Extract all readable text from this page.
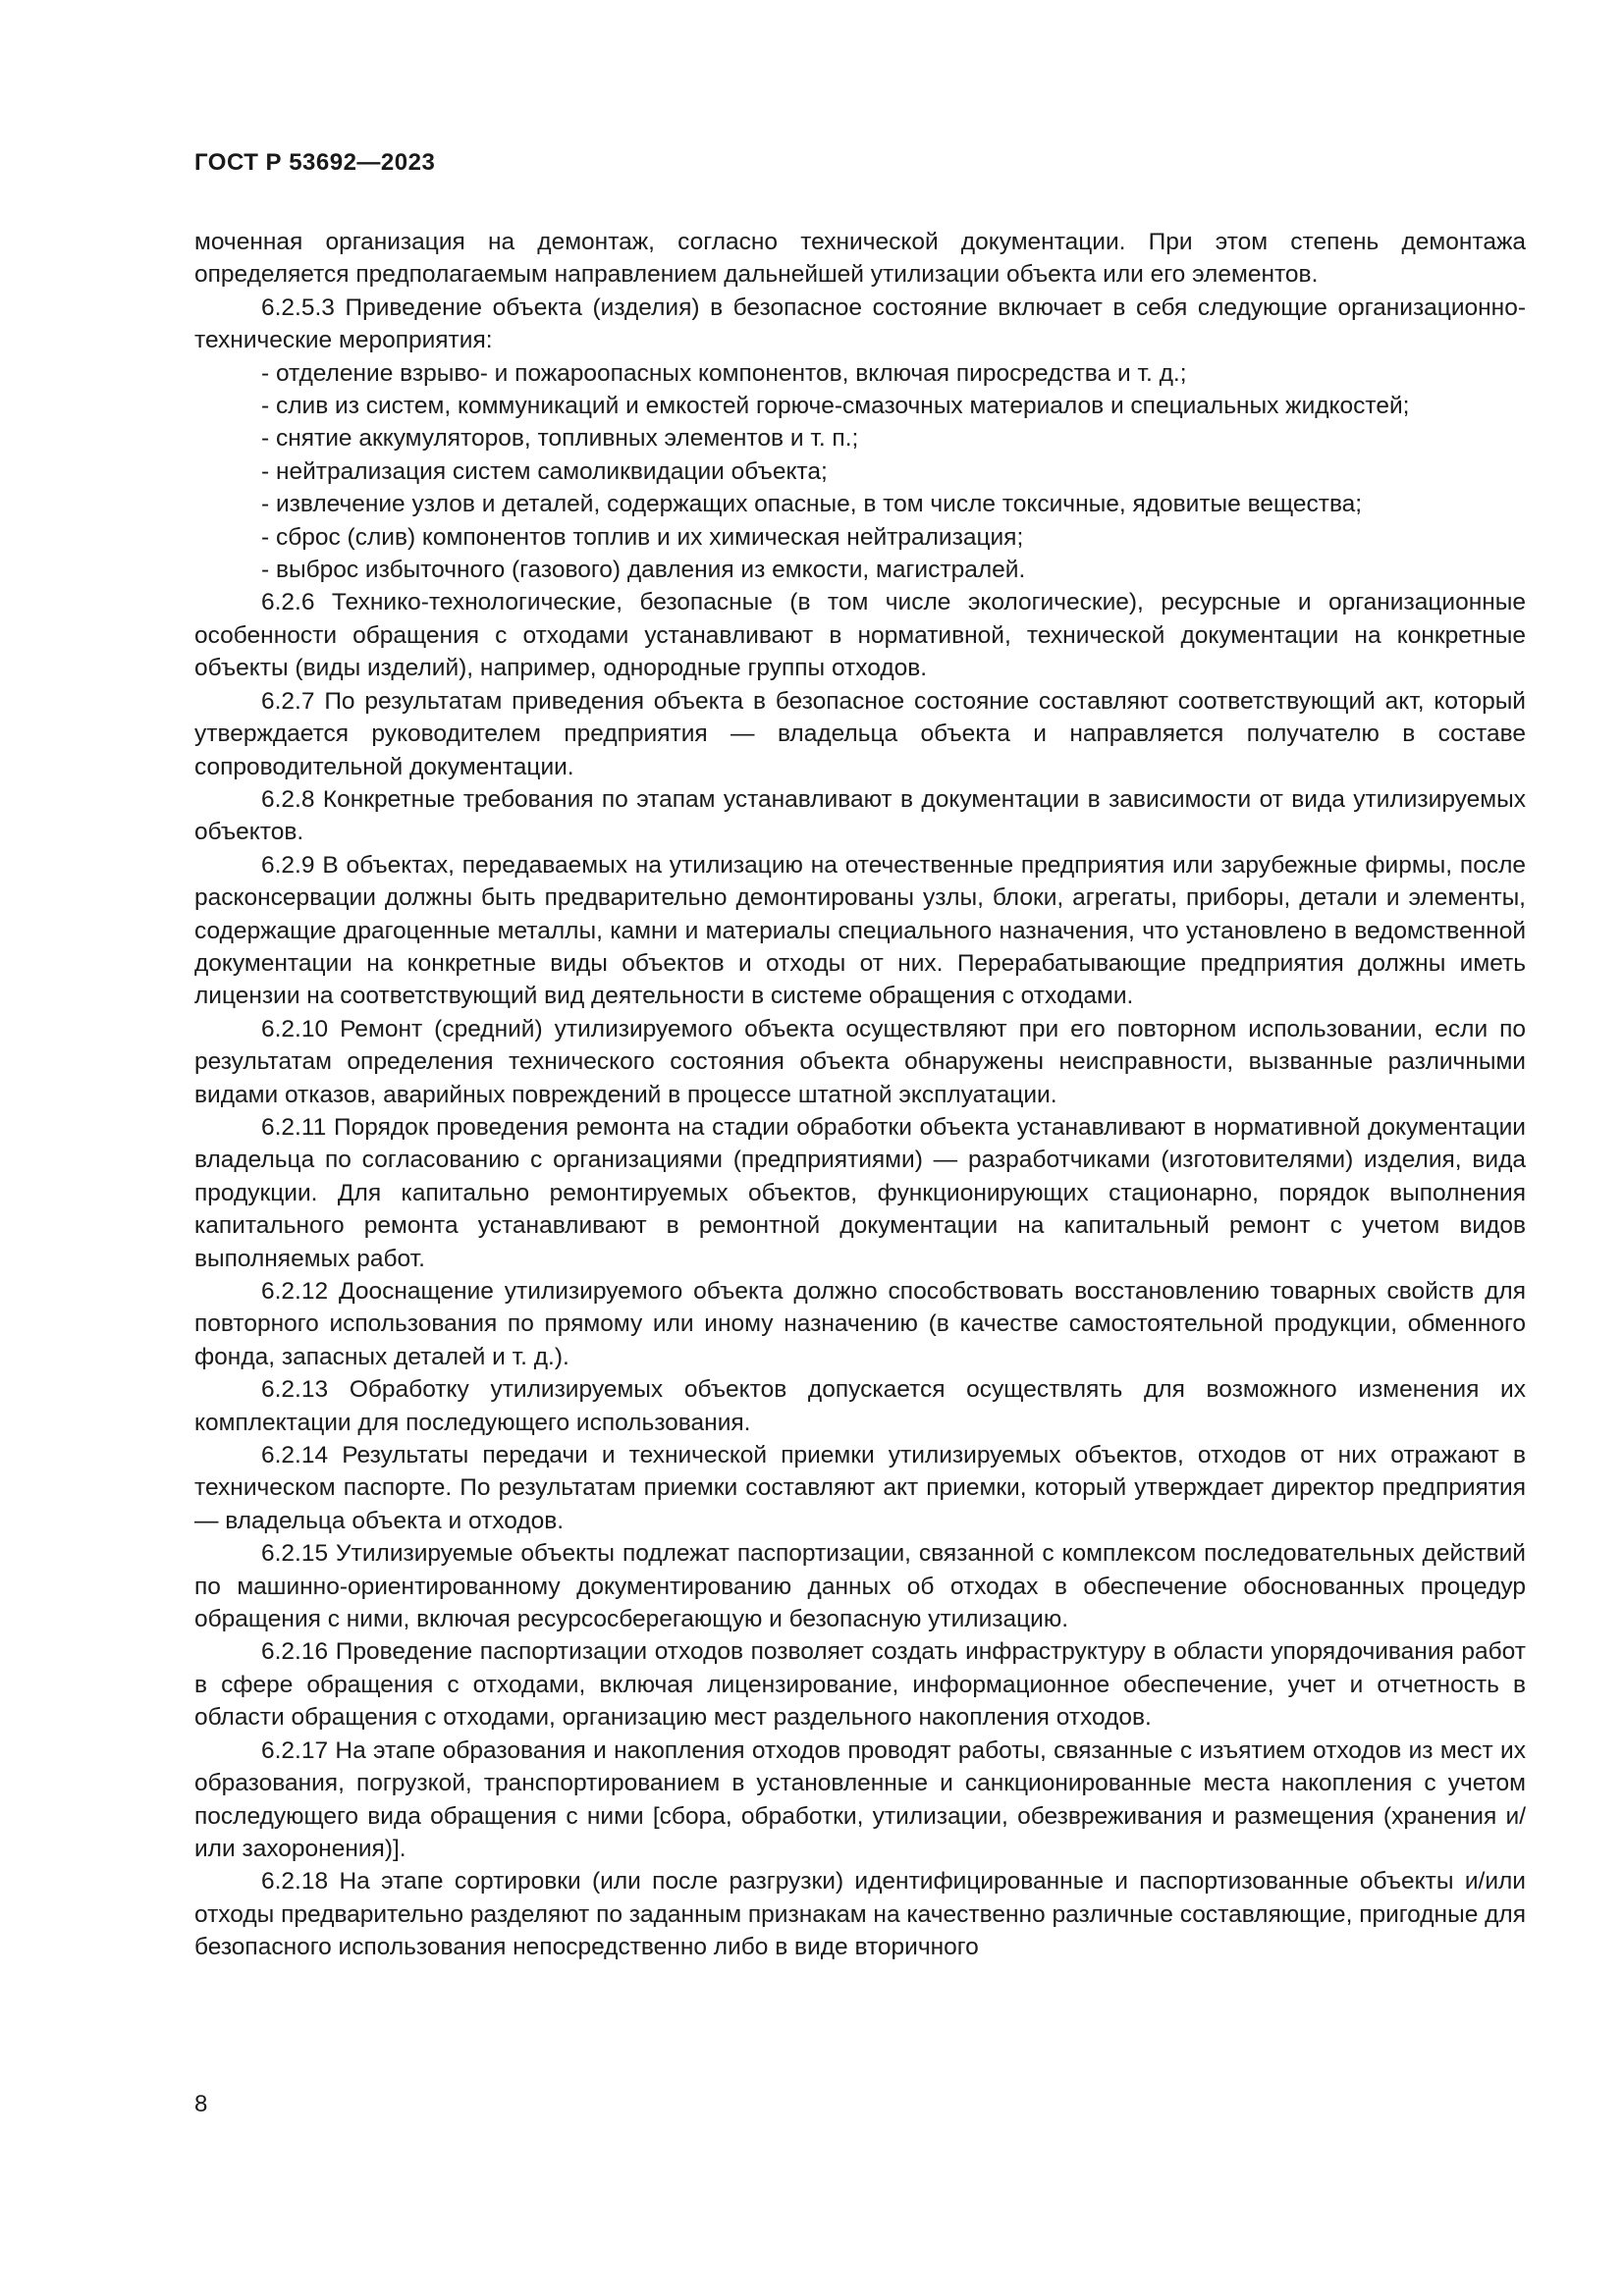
ГОСТ Р 53692—2023

моченная организация на демонтаж, согласно технической документации. При этом степень демонтажа определяется предполагаемым направлением дальнейшей утилизации объекта или его элементов.

6.2.5.3 Приведение объекта (изделия) в безопасное состояние включает в себя следующие организационно-технические мероприятия:

- отделение взрыво- и пожароопасных компонентов, включая пиросредства и т. д.;

- слив из систем, коммуникаций и емкостей горюче-смазочных материалов и специальных жидкостей;

- снятие аккумуляторов, топливных элементов и т. п.;

- нейтрализация систем самоликвидации объекта;

- извлечение узлов и деталей, содержащих опасные, в том числе токсичные, ядовитые вещества;

- сброс (слив) компонентов топлив и их химическая нейтрализация;

- выброс избыточного (газового) давления из емкости, магистралей.

6.2.6 Технико-технологические, безопасные (в том числе экологические), ресурсные и организационные особенности обращения с отходами устанавливают в нормативной, технической документации на конкретные объекты (виды изделий), например, однородные группы отходов.

6.2.7 По результатам приведения объекта в безопасное состояние составляют соответствующий акт, который утверждается руководителем предприятия — владельца объекта и направляется получателю в составе сопроводительной документации.

6.2.8 Конкретные требования по этапам устанавливают в документации в зависимости от вида утилизируемых объектов.

6.2.9 В объектах, передаваемых на утилизацию на отечественные предприятия или зарубежные фирмы, после расконсервации должны быть предварительно демонтированы узлы, блоки, агрегаты, приборы, детали и элементы, содержащие драгоценные металлы, камни и материалы специального назначения, что установлено в ведомственной документации на конкретные виды объектов и отходы от них. Перерабатывающие предприятия должны иметь лицензии на соответствующий вид деятельности в системе обращения с отходами.

6.2.10 Ремонт (средний) утилизируемого объекта осуществляют при его повторном использовании, если по результатам определения технического состояния объекта обнаружены неисправности, вызванные различными видами отказов, аварийных повреждений в процессе штатной эксплуатации.

6.2.11 Порядок проведения ремонта на стадии обработки объекта устанавливают в нормативной документации владельца по согласованию с организациями (предприятиями) — разработчиками (изготовителями) изделия, вида продукции. Для капитально ремонтируемых объектов, функционирующих стационарно, порядок выполнения капитального ремонта устанавливают в ремонтной документации на капитальный ремонт с учетом видов выполняемых работ.

6.2.12 Дооснащение утилизируемого объекта должно способствовать восстановлению товарных свойств для повторного использования по прямому или иному назначению (в качестве самостоятельной продукции, обменного фонда, запасных деталей и т. д.).

6.2.13 Обработку утилизируемых объектов допускается осуществлять для возможного изменения их комплектации для последующего использования.

6.2.14 Результаты передачи и технической приемки утилизируемых объектов, отходов от них отражают в техническом паспорте. По результатам приемки составляют акт приемки, который утверждает директор предприятия — владельца объекта и отходов.

6.2.15 Утилизируемые объекты подлежат паспортизации, связанной с комплексом последовательных действий по машинно-ориентированному документированию данных об отходах в обеспечение обоснованных процедур обращения с ними, включая ресурсосберегающую и безопасную утилизацию.

6.2.16 Проведение паспортизации отходов позволяет создать инфраструктуру в области упорядочивания работ в сфере обращения с отходами, включая лицензирование, информационное обеспечение, учет и отчетность в области обращения с отходами, организацию мест раздельного накопления отходов.

6.2.17 На этапе образования и накопления отходов проводят работы, связанные с изъятием отходов из мест их образования, погрузкой, транспортированием в установленные и санкционированные места накопления с учетом последующего вида обращения с ними [сбора, обработки, утилизации, обезвреживания и размещения (хранения и/или захоронения)].

6.2.18 На этапе сортировки (или после разгрузки) идентифицированные и паспортизованные объекты и/или отходы предварительно разделяют по заданным признакам на качественно различные составляющие, пригодные для безопасного использования непосредственно либо в виде вторичного

8
